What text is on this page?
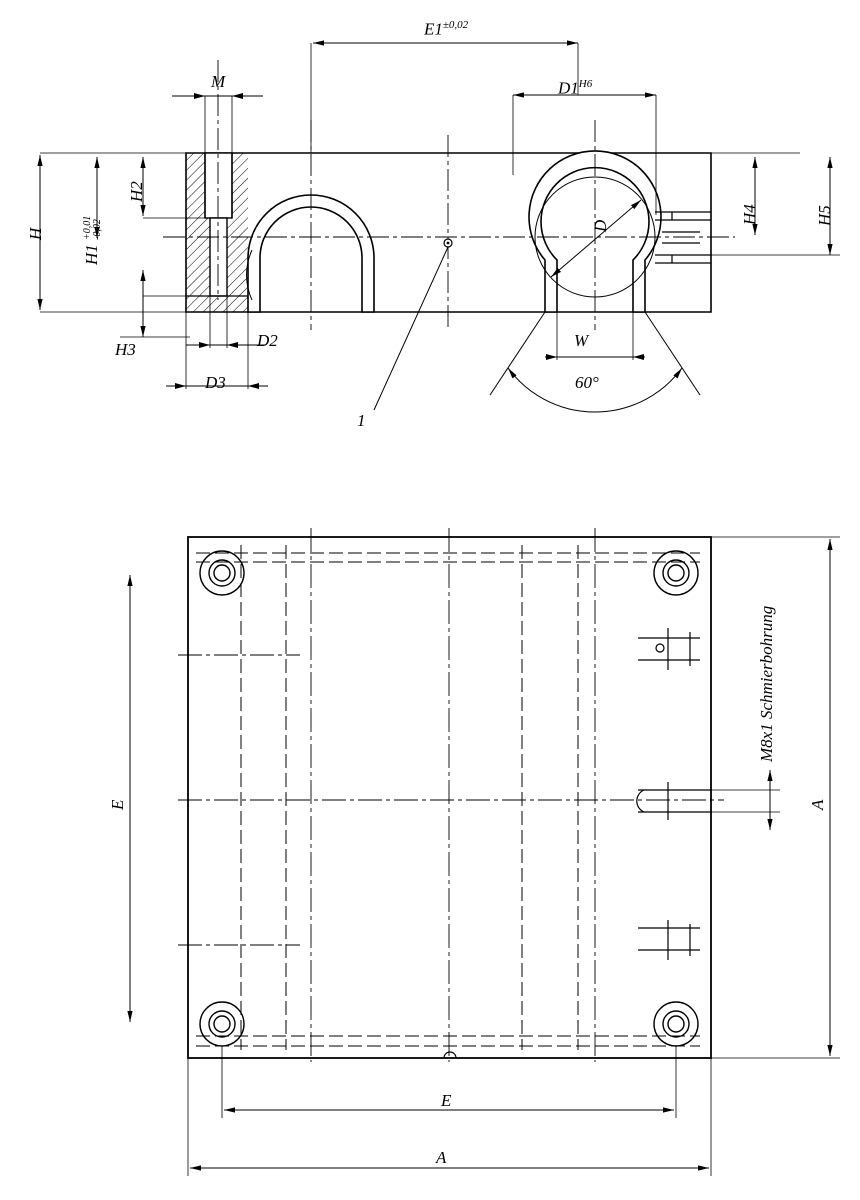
$E1^{\pm 0,02}$
M	$D1^{H6}$
H
H1 +0,01
-0,02
H2
H3
H4	H5
D
D2
D3
W
60°
1
E	A
M8x1 Schmierbohrung
E
A
